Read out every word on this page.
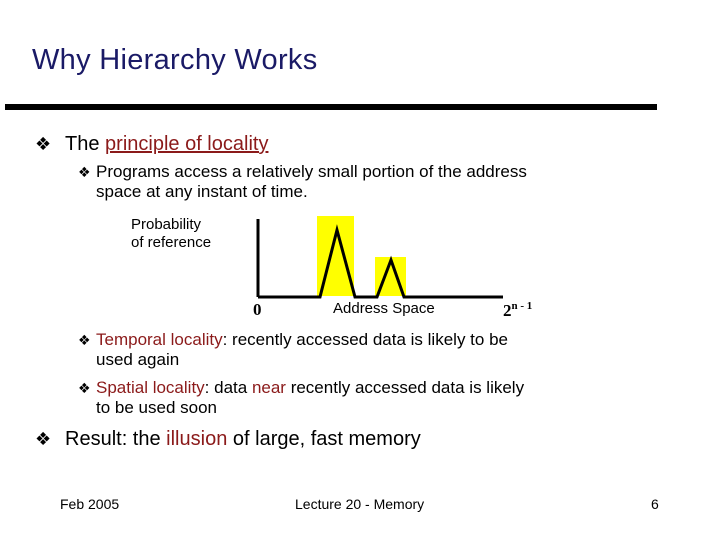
Why Hierarchy Works
❖ The principle of locality
❖ Programs access a relatively small portion of the address
space at any instant of time.
Probability
of reference
0	Address Space	2$^{n - 1}$
❖ Temporal locality: recently accessed data is likely to be
used again
❖ Spatial locality: data near recently accessed data is likely
to be used soon
❖ Result: the illusion of large, fast memory
Feb 2005	Lecture 20 - Memory	6
